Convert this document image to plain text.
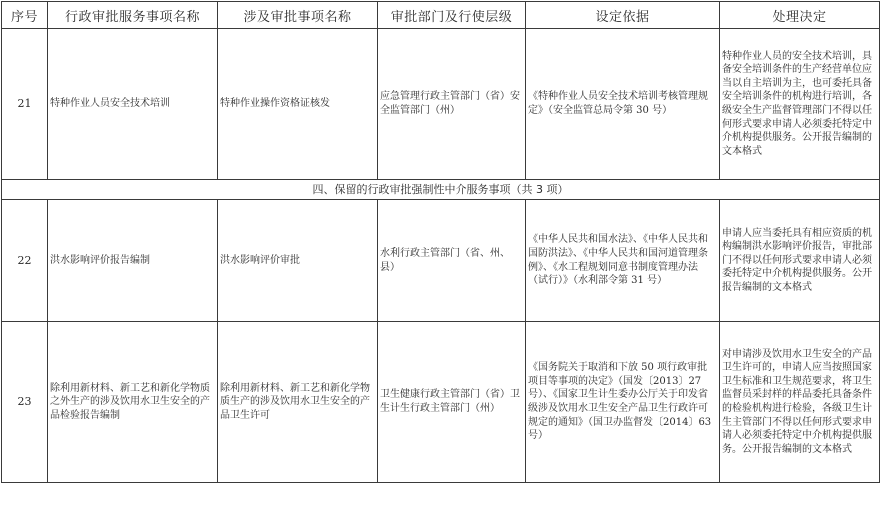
序号	行政审批服务事项名称	涉及审批事项名称	审批部门及行使层级	设定依据	处理决定
21	特种作业人员安全技术培训	特种作业操作资格证核发	应急管理行政主管部门（省）安全监管部门（州）	《特种作业人员安全技术培训考核管理规定》（安全监管总局令第 30 号）	特种作业人员的安全技术培训，具备安全培训条件的生产经营单位应当以自主培训为主，也可委托具备安全培训条件的机构进行培训，各级安全生产监督管理部门不得以任何形式要求申请人必须委托特定中介机构提供服务。公开报告编制的文本格式
四、保留的行政审批强制性中介服务事项（共 3 项）					
22	洪水影响评价报告编制	洪水影响评价审批	水利行政主管部门（省、州、县）	《中华人民共和国水法》、《中华人民共和国防洪法》、《中华人民共和国河道管理条例》、《水工程规划同意书制度管理办法（试行）》（水利部令第 31 号）	申请人应当委托具有相应资质的机构编制洪水影响评价报告，审批部门不得以任何形式要求申请人必须委托特定中介机构提供服务。公开报告编制的文本格式
23	除利用新材料、新工艺和新化学物质之外生产的涉及饮用水卫生安全的产品检验报告编制	除利用新材料、新工艺和新化学物质生产的涉及饮用水卫生安全的产品卫生许可	卫生健康行政主管部门（省）卫生计生行政主管部门（州）	《国务院关于取消和下放 50 项行政审批项目等事项的决定》（国发〔2013〕27 号）、《国家卫生计生委办公厅关于印发省级涉及饮用水卫生安全产品卫生行政许可规定的通知》（国卫办监督发〔2014〕63 号）	对申请涉及饮用水卫生安全的产品卫生许可的，申请人应当按照国家卫生标准和卫生规范要求，将卫生监督员采封样的样品委托具备条件的检验机构进行检验，各级卫生计生主管部门不得以任何形式要求申请人必须委托特定中介机构提供服务。公开报告编制的文本格式
